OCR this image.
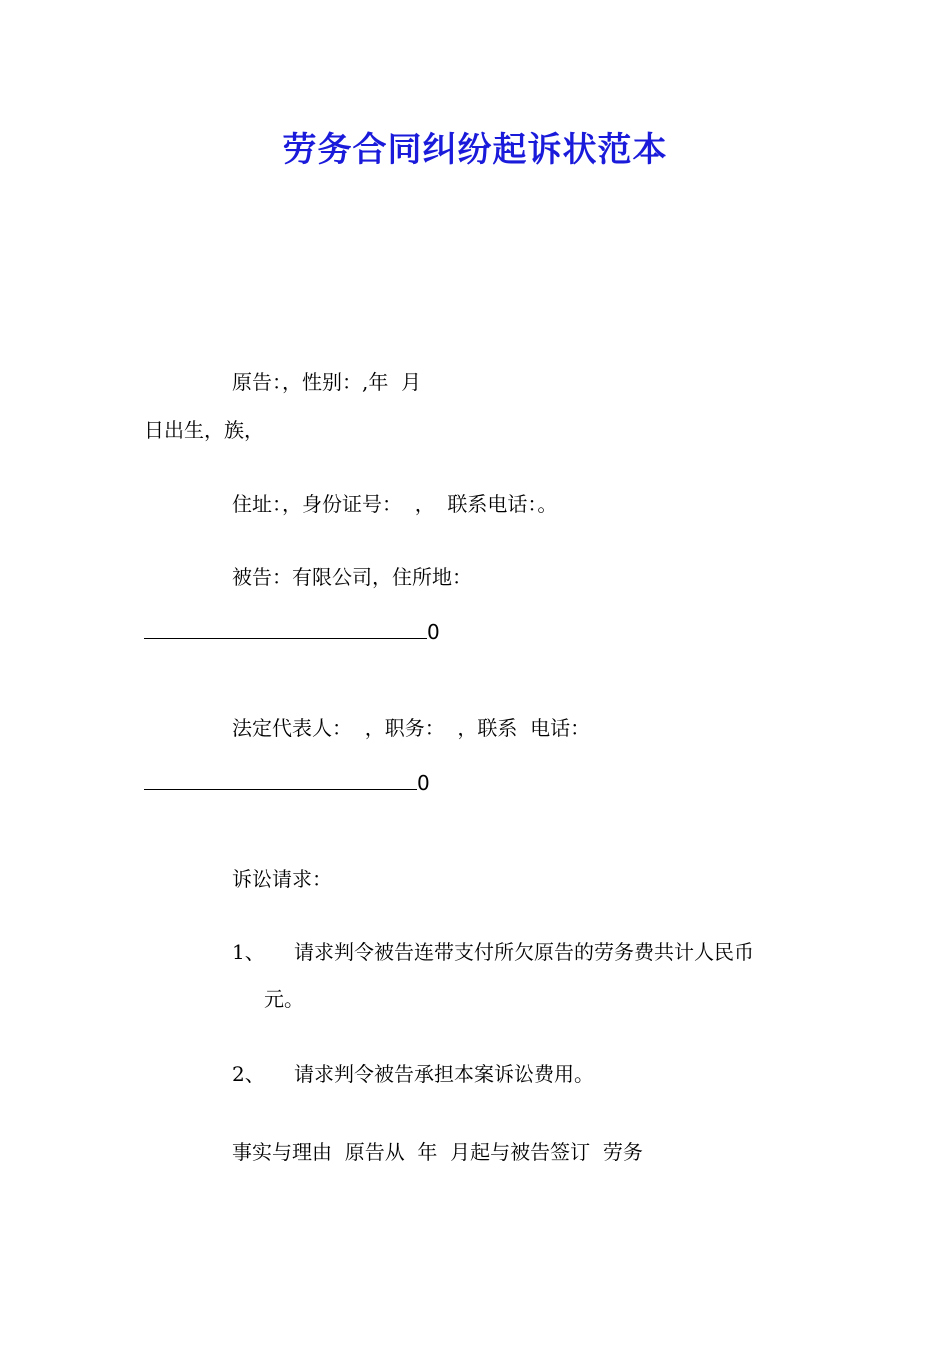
劳务合同纠纷起诉状范本
原告：，性别：,年  月
日出生，族，
住址：，身份证号：  ，  联系电话：。
被告：有限公司，住所地：
0
法定代表人：  ，职务：  ，联系  电话：
0
诉讼请求：
1、 请求判令被告连带支付所欠原告的劳务费共计人民币
元。
2、 请求判令被告承担本案诉讼费用。
事实与理由  原告从  年  月起与被告签订  劳务
